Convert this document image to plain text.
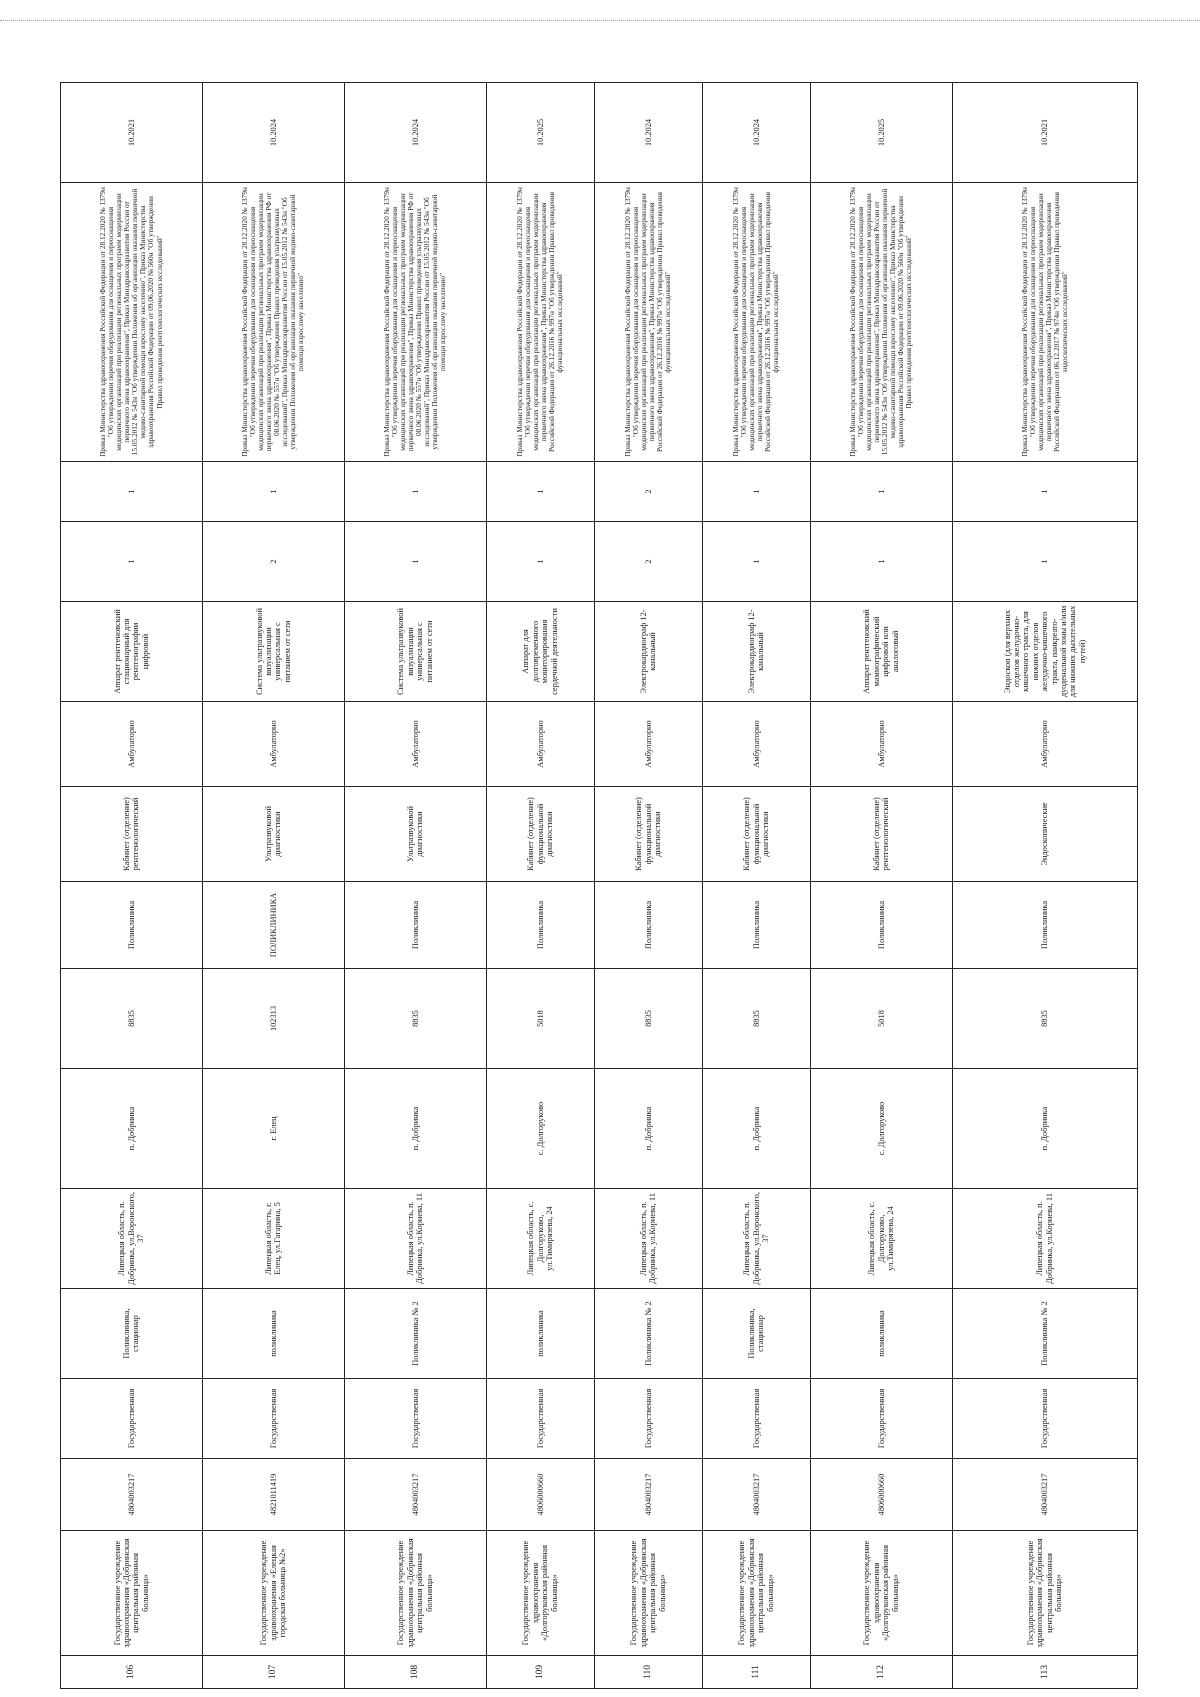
106	Государственное учреждение здравоохранения «Добринская центральная районная больница»	4804003217	Государственная	Поликлиника, стационар	Липецкая область, п. Добринка, ул.Воронского, 37	п. Добринка	8835	Поликлиника	Кабинет (отделение) рентгенологический	Амбулаторно	Аппарат рентгеновский стационарный для рентгенографии цифровой	1	1	Приказ Министерства здравоохранения Российской Федерации от 28.12.2020 № 1379н "Об утверждении перечня оборудования для оснащения и переоснащения медицинских организаций при реализации региональных программ модернизации первичного звена здравоохранения", Приказ Минздравсоцразвития России от 15.05.2012 № 543н "Об утверждении Положения об организации оказания первичной медико-санитарной помощи взрослому населению", Приказ Министерства здравоохранения Российской Федерации от 09.06.2020 № 560н "Об утверждении Правил проведения рентгенологических исследований"	10.2021
107	Государственное учреждение здравоохранения «Елецкая городская больница №2»	4821011419	Государственная	поликлиника	Липецкая область, г. Елец, ул.Гагарина, 5	г. Елец	102313	ПОЛИКЛИНИКА	Ультразвуковой диагностики	Амбулаторно	Система ультразвуковой визуализации универсальная с питанием от сети	2	1	Приказ Министерства здравоохранения Российской Федерации от 28.12.2020 № 1379н "Об утверждении перечня оборудования для оснащения и переоснащения медицинских организаций при реализации региональных программ модернизации первичного звена здравоохранения", Приказ Министерства здравоохранения РФ от 08.06.2020 № 557н "Об утверждении Правил проведения ультразвуковых исследований", Приказ Минздравсоцразвития России от 15.05.2012 № 543н "Об утверждении Положения об организации оказания первичной медико-санитарной помощи взрослому населению"	10.2024
108	Государственное учреждение здравоохранения «Добринская центральная районная больница»	4804003217	Государственная	Поликлиника № 2	Липецкая область, п. Добринка, ул.Корнева, 11	п. Добринка	8835	Поликлиника	Ультразвуковой диагностики	Амбулаторно	Система ультразвуковой визуализации универсальная с питанием от сети	1	1	Приказ Министерства здравоохранения Российской Федерации от 28.12.2020 № 1379н "Об утверждении перечня оборудования для оснащения и переоснащения медицинских организаций при реализации региональных программ модернизации первичного звена здравоохранения", Приказ Министерства здравоохранения РФ от 08.06.2020 № 557н "Об утверждении Правил проведения ультразвуковых исследований", Приказ Минздравсоцразвития России от 15.05.2012 № 543н "Об утверждении Положения об организации оказания первичной медико-санитарной помощи взрослому населению"	10.2024
109	Государственное учреждение здравоохранения «Долгоруковская районная больница»	4806000660	Государственная	поликлиника	Липецкая область, с. Долгоруково, ул.Тимирязева, 24	с. Долгоруково	5018	Поликлиника	Кабинет (отделение) функциональной диагностики	Амбулаторно	Аппарат для долговременного мониторирования сердечной деятельности	1	1	Приказ Министерства здравоохранения Российской Федерации от 28.12.2020 № 1379н "Об утверждении перечня оборудования для оснащения и переоснащения медицинских организаций при реализации региональных программ модернизации первичного звена здравоохранения", Приказ Министерства здравоохранения Российской Федерации от 26.12.2016 № 997н "Об утверждении Правил проведения функциональных исследований"	10.2025
110	Государственное учреждение здравоохранения «Добринская центральная районная больница»	4804003217	Государственная	Поликлиника № 2	Липецкая область, п. Добринка, ул.Корнева, 11	п. Добринка	8835	Поликлиника	Кабинет (отделение) функциональной диагностики	Амбулаторно	Электрокардиограф 12-канальный	2	2	Приказ Министерства здравоохранения Российской Федерации от 28.12.2020 № 1379н "Об утверждении перечня оборудования для оснащения и переоснащения медицинских организаций при реализации региональных программ модернизации первичного звена здравоохранения", Приказ Министерства здравоохранения Российской Федерации от 26.12.2016 № 997н "Об утверждении Правил проведения функциональных исследований"	10.2024
111	Государственное учреждение здравоохранения «Добринская центральная районная больница»	4804003217	Государственная	Поликлиника, стационар	Липецкая область, п. Добринка, ул.Воронского, 37	п. Добринка	8835	Поликлиника	Кабинет (отделение) функциональной диагностики	Амбулаторно	Электрокардиограф 12-канальный	1	1	Приказ Министерства здравоохранения Российской Федерации от 28.12.2020 № 1379н "Об утверждении перечня оборудования для оснащения и переоснащения медицинских организаций при реализации региональных программ модернизации первичного звена здравоохранения", Приказ Министерства здравоохранения Российской Федерации от 26.12.2016 № 997н "Об утверждении Правил проведения функциональных исследований"	10.2024
112	Государственное учреждение здравоохранения «Долгоруковская районная больница»	4806000660	Государственная	поликлиника	Липецкая область, с. Долгоруково, ул.Тимирязева, 24	с. Долгоруково	5018	Поликлиника	Кабинет (отделение) рентгенологический	Амбулаторно	Аппарат рентгеновский маммографический цифровой или аналоговый	1	1	Приказ Министерства здравоохранения Российской Федерации от 28.12.2020 № 1379н "Об утверждении перечня оборудования для оснащения и переоснащения медицинских организаций при реализации региональных программ модернизации первичного звена здравоохранения", Приказ Минздравсоцразвития России от 15.05.2012 № 543н "Об утверждении Положения об организации оказания первичной медико-санитарной помощи взрослому населению", Приказ Министерства здравоохранения Российской Федерации от 09.06.2020 № 560н "Об утверждении Правил проведения рентгенологических исследований"	10.2025
113	Государственное учреждение здравоохранения «Добринская центральная районная больница»	4804003217	Государственная	Поликлиника № 2	Липецкая область, п. Добринка, ул.Корнева, 11	п. Добринка	8835	Поликлиника	Эндоскопические	Амбулаторно	Эндоскоп (для верхних отделов желудочно-кишечного тракта, для нижних отделов желудочно-кишечного тракта, панкреато-дуоденальной зоны и/или для нижних дыхательных путей)	1	1	Приказ Министерства здравоохранения Российской Федерации от 28.12.2020 № 1379н "Об утверждении перечня оборудования для оснащения и переоснащения медицинских организаций при реализации региональных программ модернизации первичного звена здравоохранения", Приказ Министерства здравоохранения Российской Федерации от 06.12.2017 № 974н "Об утверждении Правил проведения эндоскопических исследований"	10.2021
